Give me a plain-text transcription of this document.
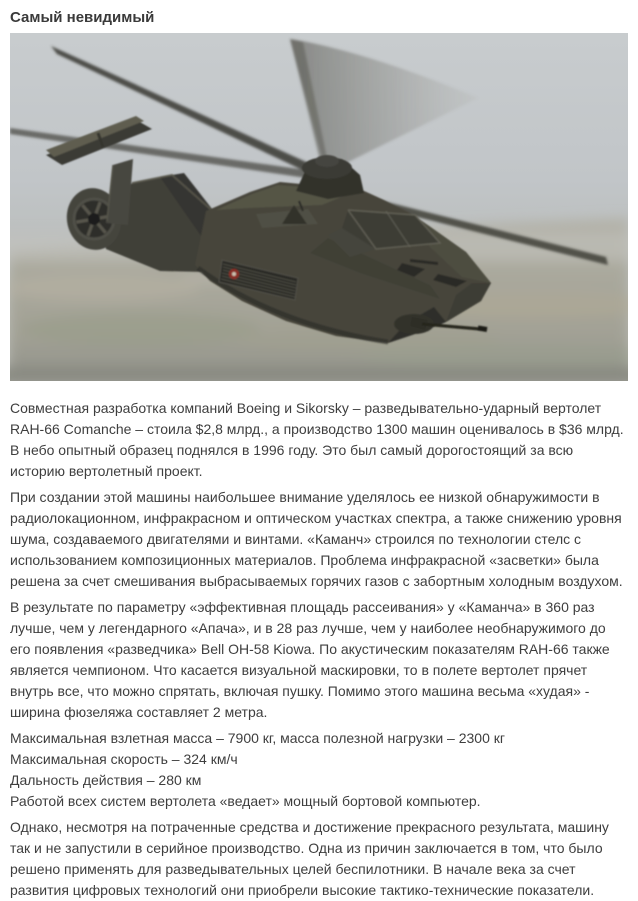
Самый невидимый

Совместная разработка компаний Boeing и Sikorsky – разведывательно-ударный вертолет RAH-66 Comanche – стоила $2,8 млрд., а производство 1300 машин оценивалось в $36 млрд. В небо опытный образец поднялся в 1996 году. Это был самый дорогостоящий за всю историю вертолетный проект.

При создании этой машины наибольшее внимание уделялось ее низкой обнаружимости в радиолокационном, инфракрасном и оптическом участках спектра, а также снижению уровня шума, создаваемого двигателями и винтами. «Каманч» строился по технологии стелс с использованием композиционных материалов. Проблема инфракрасной «засветки» была решена за счет смешивания выбрасываемых горячих газов с забортным холодным воздухом.

В результате по параметру «эффективная площадь рассеивания» у «Каманча» в 360 раз лучше, чем у легендарного «Апача», и в 28 раз лучше, чем у наиболее необнаружимого до его появления «разведчика» Bell OH-58 Kiowa. По акустическим показателям RAH-66 также является чемпионом. Что касается визуальной маскировки, то в полете вертолет прячет внутрь все, что можно спрятать, включая пушку. Помимо этого машина весьма «худая» - ширина фюзеляжа составляет 2 метра.

Максимальная взлетная масса – 7900 кг, масса полезной нагрузки – 2300 кг
Максимальная скорость – 324 км/ч
Дальность действия – 280 км
Работой всех систем вертолета «ведает» мощный бортовой компьютер.

Однако, несмотря на потраченные средства и достижение прекрасного результата, машину так и не запустили в серийное производство. Одна из причин заключается в том, что было решено применять для разведывательных целей беспилотники. В начале века за счет развития цифровых технологий они приобрели высокие тактико-технические показатели.
